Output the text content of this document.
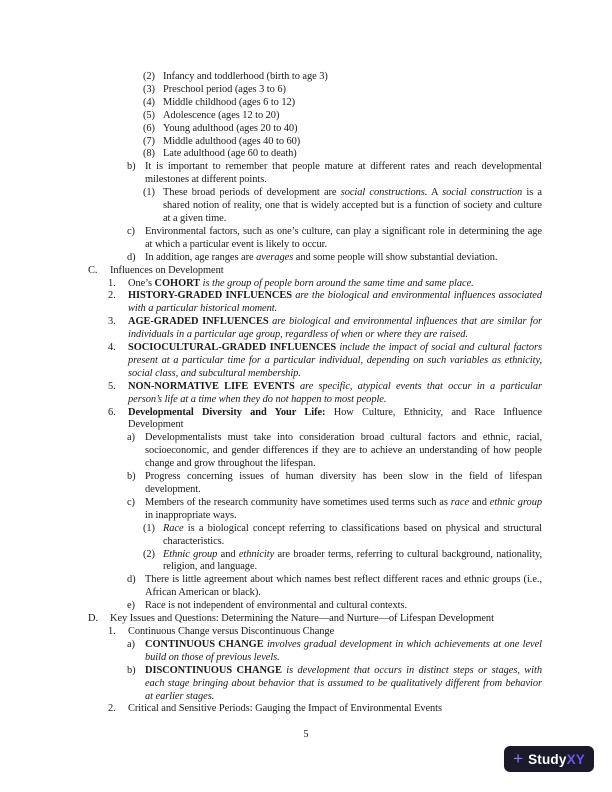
(2) Infancy and toddlerhood (birth to age 3)
(3) Preschool period (ages 3 to 6)
(4) Middle childhood (ages 6 to 12)
(5) Adolescence (ages 12 to 20)
(6) Young adulthood (ages 20 to 40)
(7) Middle adulthood (ages 40 to 60)
(8) Late adulthood (age 60 to death)
b) It is important to remember that people mature at different rates and reach developmental milestones at different points.
(1) These broad periods of development are social constructions. A social construction is a shared notion of reality, one that is widely accepted but is a function of society and culture at a given time.
c) Environmental factors, such as one’s culture, can play a significant role in determining the age at which a particular event is likely to occur.
d) In addition, age ranges are averages and some people will show substantial deviation.
C. Influences on Development
1. One’s COHORT is the group of people born around the same time and same place.
2. HISTORY-GRADED INFLUENCES are the biological and environmental influences associated with a particular historical moment.
3. AGE-GRADED INFLUENCES are biological and environmental influences that are similar for individuals in a particular age group, regardless of when or where they are raised.
4. SOCIOCULTURAL-GRADED INFLUENCES include the impact of social and cultural factors present at a particular time for a particular individual, depending on such variables as ethnicity, social class, and subcultural membership.
5. NON-NORMATIVE LIFE EVENTS are specific, atypical events that occur in a particular person’s life at a time when they do not happen to most people.
6. Developmental Diversity and Your Life: How Culture, Ethnicity, and Race Influence Development
a) Developmentalists must take into consideration broad cultural factors and ethnic, racial, socioeconomic, and gender differences if they are to achieve an understanding of how people change and grow throughout the lifespan.
b) Progress concerning issues of human diversity has been slow in the field of lifespan development.
c) Members of the research community have sometimes used terms such as race and ethnic group in inappropriate ways.
(1) Race is a biological concept referring to classifications based on physical and structural characteristics.
(2) Ethnic group and ethnicity are broader terms, referring to cultural background, nationality, religion, and language.
d) There is little agreement about which names best reflect different races and ethnic groups (i.e., African American or black).
e) Race is not independent of environmental and cultural contexts.
D. Key Issues and Questions: Determining the Nature—and Nurture—of Lifespan Development
1. Continuous Change versus Discontinuous Change
a) CONTINUOUS CHANGE involves gradual development in which achievements at one level build on those of previous levels.
b) DISCONTINUOUS CHANGE is development that occurs in distinct steps or stages, with each stage bringing about behavior that is assumed to be qualitatively different from behavior at earlier stages.
2. Critical and Sensitive Periods: Gauging the Impact of Environmental Events
5
+ Study XY
